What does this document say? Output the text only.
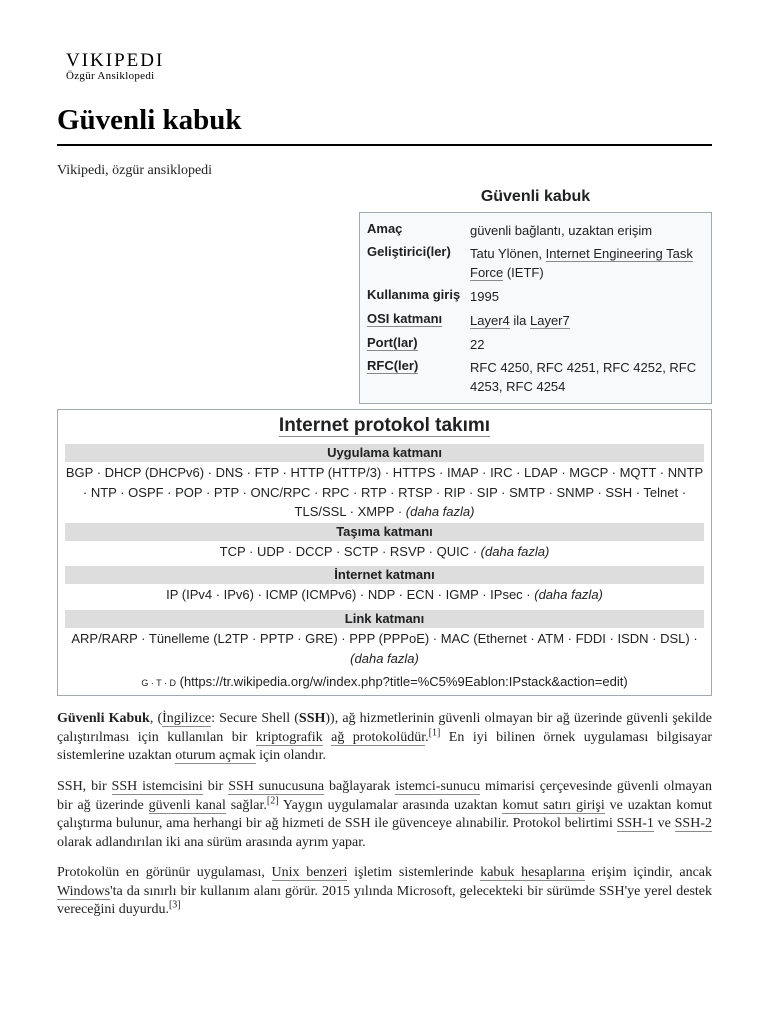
VIKIPEDI
Özgür Ansiklopedi
Güvenli kabuk
Vikipedi, özgür ansiklopedi
Güvenli kabuk
Amaç	güvenli bağlantı, uzaktan erişim
Geliştirici(ler)	Tatu Ylönen, Internet Engineering Task Force (IETF)
Kullanıma giriş 1995
OSI katmanı	Layer4 ila Layer7
Port(lar)	22
RFC(ler)	RFC 4250, RFC 4251, RFC 4252, RFC 4253, RFC 4254
Internet protokol takımı
Uygulama katmanı
BGP · DHCP (DHCPv6) · DNS · FTP · HTTP (HTTP/3) · HTTPS · IMAP · IRC · LDAP · MGCP · MQTT · NNTP · NTP · OSPF · POP · PTP · ONC/RPC · RPC · RTP · RTSP · RIP · SIP · SMTP · SNMP · SSH · Telnet · TLS/SSL · XMPP · (daha fazla)
Taşıma katmanı
TCP · UDP · DCCP · SCTP · RSVP · QUIC · (daha fazla)
İnternet katmanı
IP (IPv4 · IPv6) · ICMP (ICMPv6) · NDP · ECN · IGMP · IPsec · (daha fazla)
Link katmanı
ARP/RARP · Tünelleme (L2TP · PPTP · GRE) · PPP (PPPoE) · MAC (Ethernet · ATM · FDDI · ISDN · DSL) · (daha fazla)
G · T · D (https://tr.wikipedia.org/w/index.php?title=%C5%9Eablon:IPstack&action=edit)
Güvenli Kabuk, (İngilizce: Secure Shell (SSH)), ağ hizmetlerinin güvenli olmayan bir ağ üzerinde güvenli şekilde çalıştırılması için kullanılan bir kriptografik ağ protokolüdür.[1] En iyi bilinen örnek uygulaması bilgisayar sistemlerine uzaktan oturum açmak için olandır.
SSH, bir SSH istemcisini bir SSH sunucusuna bağlayarak istemci-sunucu mimarisi çerçevesinde güvenli olmayan bir ağ üzerinde güvenli kanal sağlar.[2] Yaygın uygulamalar arasında uzaktan komut satırı girişi ve uzaktan komut çalıştırma bulunur, ama herhangi bir ağ hizmeti de SSH ile güvenceye alınabilir. Protokol belirtimi SSH-1 ve SSH-2 olarak adlandırılan iki ana sürüm arasında ayrım yapar.
Protokolün en görünür uygulaması, Unix benzeri işletim sistemlerinde kabuk hesaplarına erişim içindir, ancak Windows'ta da sınırlı bir kullanım alanı görür. 2015 yılında Microsoft, gelecekteki bir sürümde SSH'ye yerel destek vereceğini duyurdu.[3]
